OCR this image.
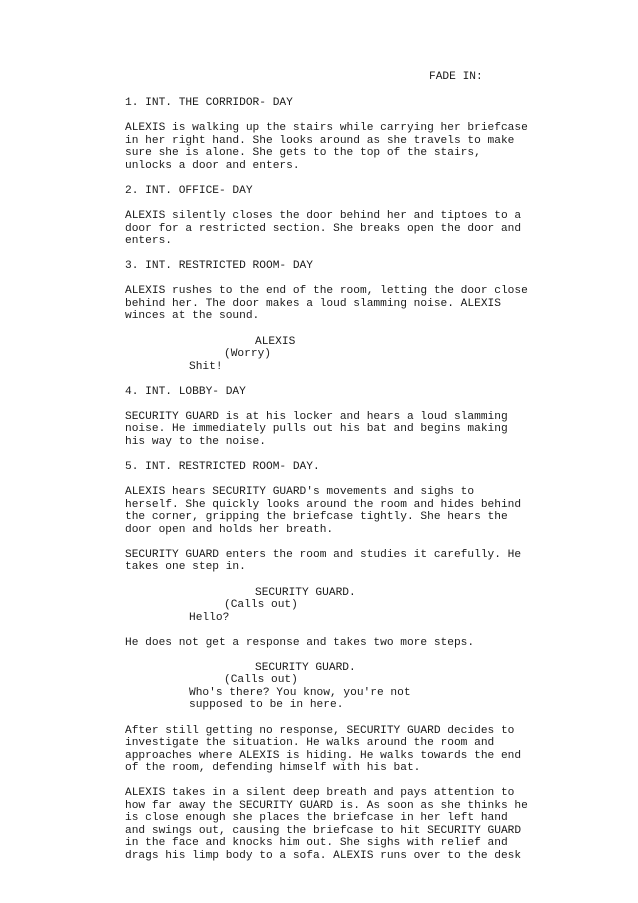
FADE IN:
1. INT. THE CORRIDOR- DAY
ALEXIS is walking up the stairs while carrying her briefcase
in her right hand. She looks around as she travels to make
sure she is alone. She gets to the top of the stairs,
unlocks a door and enters.
2. INT. OFFICE- DAY
ALEXIS silently closes the door behind her and tiptoes to a
door for a restricted section. She breaks open the door and
enters.
3. INT. RESTRICTED ROOM- DAY
ALEXIS rushes to the end of the room, letting the door close
behind her. The door makes a loud slamming noise. ALEXIS
winces at the sound.
ALEXIS
(Worry)
Shit!
4. INT. LOBBY- DAY
SECURITY GUARD is at his locker and hears a loud slamming
noise. He immediately pulls out his bat and begins making
his way to the noise.
5. INT. RESTRICTED ROOM- DAY.
ALEXIS hears SECURITY GUARD's movements and sighs to
herself. She quickly looks around the room and hides behind
the corner, gripping the briefcase tightly. She hears the
door open and holds her breath.
SECURITY GUARD enters the room and studies it carefully. He
takes one step in.
SECURITY GUARD.
(Calls out)
Hello?
He does not get a response and takes two more steps.
SECURITY GUARD.
(Calls out)
Who's there? You know, you're not
supposed to be in here.
After still getting no response, SECURITY GUARD decides to
investigate the situation. He walks around the room and
approaches where ALEXIS is hiding. He walks towards the end
of the room, defending himself with his bat.
ALEXIS takes in a silent deep breath and pays attention to
how far away the SECURITY GUARD is. As soon as she thinks he
is close enough she places the briefcase in her left hand
and swings out, causing the briefcase to hit SECURITY GUARD
in the face and knocks him out. She sighs with relief and
drags his limp body to a sofa. ALEXIS runs over to the desk
